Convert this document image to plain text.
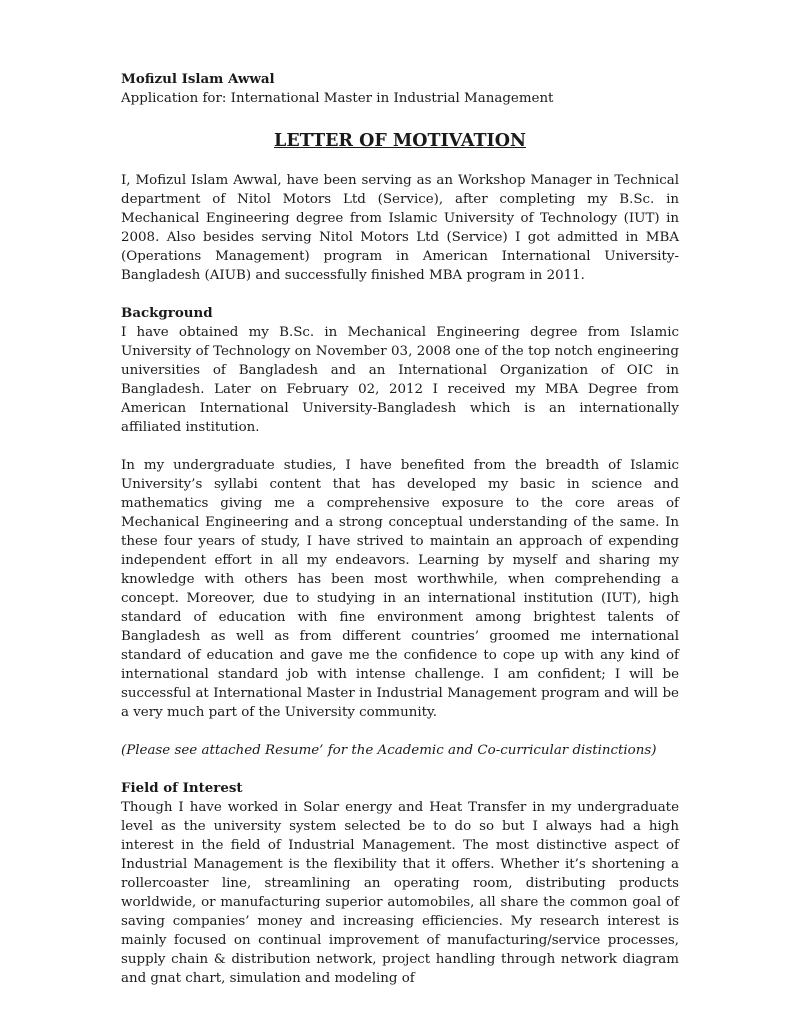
Mofizul Islam Awwal
Application for: International Master in Industrial Management
LETTER OF MOTIVATION

I, Mofizul Islam Awwal, have been serving as an Workshop Manager in Technical department of Nitol Motors Ltd (Service), after completing my B.Sc. in Mechanical Engineering degree from Islamic University of Technology (IUT) in 2008. Also besides serving Nitol Motors Ltd (Service) I got admitted in MBA (Operations Management) program in American International University-Bangladesh (AIUB) and successfully finished MBA program in 2011.

Background

I have obtained my B.Sc. in Mechanical Engineering degree from Islamic University of Technology on November 03, 2008 one of the top notch engineering universities of Bangladesh and an International Organization of OIC in Bangladesh. Later on February 02, 2012 I received my MBA Degree from American International University-Bangladesh which is an internationally affiliated institution.

In my undergraduate studies, I have benefited from the breadth of Islamic University’s syllabi content that has developed my basic in science and mathematics giving me a comprehensive exposure to the core areas of Mechanical Engineering and a strong conceptual understanding of the same. In these four years of study, I have strived to maintain an approach of expending independent effort in all my endeavors. Learning by myself and sharing my knowledge with others has been most worthwhile, when comprehending a concept. Moreover, due to studying in an international institution (IUT), high standard of education with fine environment among brightest talents of Bangladesh as well as from different countries’ groomed me international standard of education and gave me the confidence to cope up with any kind of international standard job with intense challenge. I am confident; I will be successful at International Master in Industrial Management program and will be a very much part of the University community.

(Please see attached Resume’ for the Academic and Co-curricular distinctions)

Field of Interest

Though I have worked in Solar energy and Heat Transfer in my undergraduate level as the university system selected be to do so but I always had a high interest in the field of Industrial Management. The most distinctive aspect of Industrial Management is the flexibility that it offers. Whether it’s shortening a rollercoaster line, streamlining an operating room, distributing products worldwide, or manufacturing superior automobiles, all share the common goal of saving companies’ money and increasing efficiencies. My research interest is mainly focused on continual improvement of manufacturing/service processes, supply chain & distribution network, project handling through network diagram and gnat chart, simulation and modeling of
